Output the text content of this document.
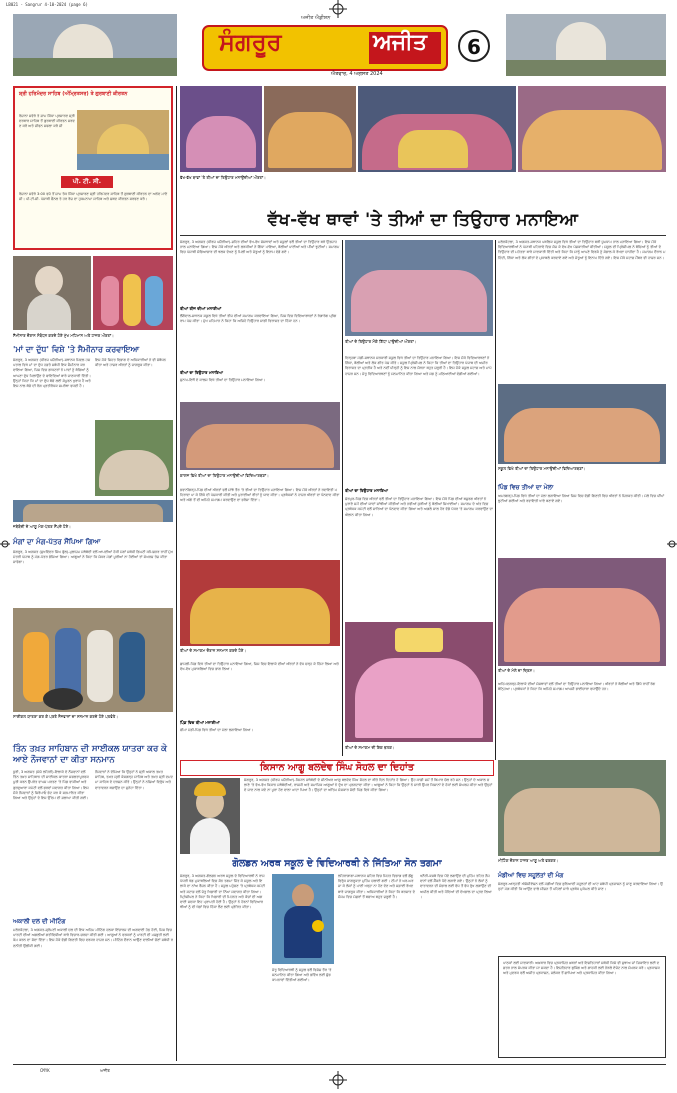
LB021 - Sangrur 4-10-2024 (page 6)
ਅਜੀਤ ਐਡੀਸ਼ਨ
ਸੰਗਰੂਰ	ਅਜੀਤ
ਐਤਵਾਰ, 4 ਅਗਸਤ 2024
6
ਸ਼੍ਰੀ ਹਰਿਮੰਦਰ ਸਾਹਿਬ (ਅੰਮ੍ਰਿਤਸਰ) ਤੇ ਗੁਰਬਾਣੀ ਕੀਰਤਨ
ਰੋਜ਼ਾਨਾ ਸਵੇਰੇ ਤੇ ਸ਼ਾਮ ਸਿੱਧਾ ਪ੍ਰਸਾਰਣ ਸ੍ਰੀ ਦਰਬਾਰ ਸਾਹਿਬ ਤੋਂ ਗੁਰਬਾਣੀ ਕੀਰਤਨ ਸਰਵਣ ਕਰੋ ਅਤੇ ਜੀਵਨ ਸਫਲਾ ਕਰੋ ਜੀ
ਪੀ. ਟੀ. ਸੀ.
ਰੋਜ਼ਾਨਾ ਸਵੇਰੇ 3:00 ਵਜੇ ਤੋਂ ਸ਼ਾਮ ਤੱਕ ਸਿੱਧਾ ਪ੍ਰਸਾਰਣ ਸ੍ਰੀ ਹਰਿਮੰਦਰ ਸਾਹਿਬ ਤੋਂ ਗੁਰਬਾਣੀ ਕੀਰਤਨ ਦਾ ਅਨੰਦ ਮਾਣੋ ਜੀ। ਪੀ.ਟੀ.ਸੀ. ਪੰਜਾਬੀ ਚੈਨਲ ਤੇ ਹਰ ਰੋਜ਼ ਦਾ ਹੁਕਮਨਾਮਾ ਸਾਹਿਬ ਅਤੇ ਸ਼ਬਦ ਕੀਰਤਨ ਸਰਵਣ ਕਰੋ।
ਸੈਮੀਨਾਰ ਦੌਰਾਨ ਸੰਬੋਧਨ ਕਰਦੇ ਹੋਏ ਮੁੱਖ ਮਹਿਮਾਨ ਅਤੇ ਹਾਜ਼ਰ ਔਰਤਾਂ।
'ਮਾਂ ਦਾ ਦੁੱਧ' ਵਿਸ਼ੇ 'ਤੇ ਸੈਮੀਨਾਰ ਕਰਵਾਇਆ
ਸੰਗਰੂਰ, 3 ਅਗਸਤ (ਧੀਰਜ ਪਸ਼ੌਰੀਆ)-ਸਥਾਨਕ ਸਿਵਲ ਹਸਪਤਾਲ ਵਿਖੇ ਮਾਂ ਦਾ ਦੁੱਧ ਹਫ਼ਤੇ ਸਬੰਧੀ ਇਕ ਸੈਮੀਨਾਰ ਕਰਵਾਇਆ ਗਿਆ, ਜਿਸ ਵਿਚ ਡਾਕਟਰਾਂ ਨੇ ਮਾਵਾਂ ਨੂੰ ਬੱਚਿਆਂ ਨੂੰ ਆਪਣਾ ਦੁੱਧ ਪਿਲਾਉਣ ਦੇ ਫਾਇਦਿਆਂ ਬਾਰੇ ਜਾਣਕਾਰੀ ਦਿੱਤੀ। ਉਨ੍ਹਾਂ ਕਿਹਾ ਕਿ ਮਾਂ ਦਾ ਦੁੱਧ ਬੱਚੇ ਲਈ ਸੰਪੂਰਨ ਖੁਰਾਕ ਹੈ ਅਤੇ ਇਸ ਨਾਲ ਬੱਚੇ ਦੀ ਰੋਗ ਪ੍ਰਤੀਰੋਧਕ ਸਮਰੱਥਾ ਵਧਦੀ ਹੈ।
ਇਸ ਮੌਕੇ ਸਿਹਤ ਵਿਭਾਗ ਦੇ ਅਧਿਕਾਰੀਆਂ ਨੇ ਵੀ ਸੰਬੋਧਨ ਕੀਤਾ ਅਤੇ ਹਾਜ਼ਰ ਔਰਤਾਂ ਨੂੰ ਜਾਗਰੂਕ ਕੀਤਾ।
ਜਥੇਬੰਦੀ ਦੇ ਆਗੂ ਮੰਗ-ਪੱਤਰ ਸੌਂਪਦੇ ਹੋਏ।
ਮੰਗਾਂ ਦਾ ਮੰਗ-ਪੱਤਰ ਸੌਂਪਿਆ ਗਿਆ
ਸੰਗਰੂਰ, 3 ਅਗਸਤ (ਸੁਖਵਿੰਦਰ ਸਿੰਘ ਫੁੱਲ)-ਮੁਲਾਜ਼ਮ ਜਥੇਬੰਦੀ ਵਲੋਂ ਆਪਣੀਆਂ ਹੱਕੀ ਮੰਗਾਂ ਸਬੰਧੀ ਡਿਪਟੀ ਕਮਿਸ਼ਨਰ ਰਾਹੀਂ ਮੁੱਖ ਮੰਤਰੀ ਪੰਜਾਬ ਨੂੰ ਮੰਗ-ਪੱਤਰ ਭੇਜਿਆ ਗਿਆ। ਆਗੂਆਂ ਨੇ ਕਿਹਾ ਕਿ ਜੇਕਰ ਮੰਗਾਂ ਪੂਰੀਆਂ ਨਾ ਹੋਈਆਂ ਤਾਂ ਸੰਘਰਸ਼ ਤੇਜ਼ ਕੀਤਾ ਜਾਵੇਗਾ।
ਸਾਈਕਲ ਯਾਤਰਾ ਕਰ ਕੇ ਪਰਤੇ ਨੌਜਵਾਨਾਂ ਦਾ ਸਨਮਾਨ ਕਰਦੇ ਹੋਏ ਪਤਵੰਤੇ।
ਤਿੰਨ ਤਖ਼ਤ ਸਾਹਿਬਾਨ ਦੀ ਸਾਈਕਲ ਯਾਤਰਾ ਕਰ ਕੇ ਆਏ ਨੌਜਵਾਨਾਂ ਦਾ ਕੀਤਾ ਸਨਮਾਨ
ਧੂਰੀ, 3 ਅਗਸਤ (ਸੰਜੇ ਲਹਿਰੀ)-ਇਲਾਕੇ ਦੇ ਨੌਜਵਾਨਾਂ ਵਲੋਂ ਤਿੰਨ ਤਖ਼ਤ ਸਾਹਿਬਾਨ ਦੀ ਸਾਈਕਲ ਯਾਤਰਾ ਸਫਲਤਾਪੂਰਵਕ ਪੂਰੀ ਕਰਨ ਉਪਰੰਤ ਵਾਪਸ ਪਰਤਣ 'ਤੇ ਪਿੰਡ ਵਾਸੀਆਂ ਅਤੇ ਗੁਰਦੁਆਰਾ ਕਮੇਟੀ ਵਲੋਂ ਭਰਵਾਂ ਸਵਾਗਤ ਕੀਤਾ ਗਿਆ। ਇਸ ਮੌਕੇ ਨੌਜਵਾਨਾਂ ਨੂੰ ਸਿਰੋਪਾਓ ਭੇਟ ਕਰ ਕੇ ਸਨਮਾਨਿਤ ਕੀਤਾ ਗਿਆ ਅਤੇ ਉਨ੍ਹਾਂ ਦੇ ਇਸ ਉੱਦਮ ਦੀ ਸ਼ਲਾਘਾ ਕੀਤੀ ਗਈ।
ਨੌਜਵਾਨਾਂ ਨੇ ਦੱਸਿਆ ਕਿ ਉਨ੍ਹਾਂ ਨੇ ਸ੍ਰੀ ਅਕਾਲ ਤਖ਼ਤ ਸਾਹਿਬ, ਤਖ਼ਤ ਸ੍ਰੀ ਕੇਸਗੜ੍ਹ ਸਾਹਿਬ ਅਤੇ ਤਖ਼ਤ ਸ੍ਰੀ ਦਮਦਮਾ ਸਾਹਿਬ ਦੇ ਦਰਸ਼ਨ ਕੀਤੇ। ਉਨ੍ਹਾਂ ਨੇ ਨਸ਼ਿਆਂ ਵਿਰੁੱਧ ਅਤੇ ਵਾਤਾਵਰਨ ਬਚਾਉਣ ਦਾ ਸੁਨੇਹਾ ਦਿੱਤਾ।
ਅਕਾਲੀ ਦਲ ਦੀ ਮੀਟਿੰਗ
ਮਲੇਰਕੋਟਲਾ, 3 ਅਗਸਤ-ਸ਼੍ਰੋਮਣੀ ਅਕਾਲੀ ਦਲ ਦੀ ਇਕ ਅਹਿਮ ਮੀਟਿੰਗ ਹਲਕਾ ਇੰਚਾਰਜ ਦੀ ਅਗਵਾਈ ਹੇਠ ਹੋਈ, ਜਿਸ ਵਿਚ ਪਾਰਟੀ ਦੀਆਂ ਅਗਲੀਆਂ ਗਤੀਵਿਧੀਆਂ ਬਾਰੇ ਵਿਚਾਰ-ਚਰਚਾ ਕੀਤੀ ਗਈ। ਆਗੂਆਂ ਨੇ ਵਰਕਰਾਂ ਨੂੰ ਪਾਰਟੀ ਦੀ ਮਜ਼ਬੂਤੀ ਲਈ ਕੰਮ ਕਰਨ ਦਾ ਸੱਦਾ ਦਿੱਤਾ। ਇਸ ਮੌਕੇ ਵੱਡੀ ਗਿਣਤੀ ਵਿਚ ਵਰਕਰ ਹਾਜ਼ਰ ਸਨ। ਮੀਟਿੰਗ ਦੌਰਾਨ ਆਉਣ ਵਾਲੀਆਂ ਚੋਣਾਂ ਸਬੰਧੀ ਰਣਨੀਤੀ ਉਲੀਕੀ ਗਈ।
ਵੱਖ-ਵੱਖ ਥਾਵਾਂ 'ਤੇ ਤੀਆਂ ਦਾ ਤਿਉਹਾਰ ਮਨਾਉਂਦੀਆਂ ਔਰਤਾਂ।
ਵੱਖ-ਵੱਖ ਥਾਵਾਂ 'ਤੇ ਤੀਆਂ ਦਾ ਤਿਉਹਾਰ ਮਨਾਇਆ
ਸੰਗਰੂਰ, 3 ਅਗਸਤ (ਧੀਰਜ ਪਸ਼ੌਰੀਆ)-ਸ਼ਹਿਰ ਦੀਆਂ ਵੱਖ-ਵੱਖ ਸੰਸਥਾਵਾਂ ਅਤੇ ਸਕੂਲਾਂ ਵਲੋਂ ਤੀਆਂ ਦਾ ਤਿਉਹਾਰ ਬੜੇ ਉਤਸ਼ਾਹ ਨਾਲ ਮਨਾਇਆ ਗਿਆ। ਇਸ ਮੌਕੇ ਔਰਤਾਂ ਅਤੇ ਲੜਕੀਆਂ ਨੇ ਗਿੱਧਾ ਪਾਇਆ, ਬੋਲੀਆਂ ਪਾਈਆਂ ਅਤੇ ਪੀਂਘਾਂ ਝੂਟੀਆਂ। ਸਮਾਗਮ ਵਿਚ ਪੰਜਾਬੀ ਸੱਭਿਆਚਾਰ ਦੀ ਝਲਕ ਦੇਖਣ ਨੂੰ ਮਿਲੀ ਅਤੇ ਜੇਤੂਆਂ ਨੂੰ ਇਨਾਮ ਵੰਡੇ ਗਏ।
ਤੀਆਂ ਤੀਜ ਦੀਆਂ ਮਨਾਈਆਂ
ਲੌਂਗੋਵਾਲ-ਸਥਾਨਕ ਸਕੂਲ ਵਿਖੇ ਤੀਆਂ ਤੀਜ ਦੀਆਂ ਸਮਾਗਮ ਕਰਵਾਇਆ ਗਿਆ, ਜਿਸ ਵਿਚ ਵਿਦਿਆਰਥਣਾਂ ਨੇ ਰੰਗਾਰੰਗ ਪ੍ਰੋਗਰਾਮ ਪੇਸ਼ ਕੀਤਾ। ਮੁੱਖ ਮਹਿਮਾਨ ਨੇ ਕਿਹਾ ਕਿ ਅਜਿਹੇ ਤਿਉਹਾਰ ਸਾਡੀ ਵਿਰਾਸਤ ਦਾ ਹਿੱਸਾ ਹਨ।
ਤੀਆਂ ਦਾ ਤਿਉਹਾਰ ਮਨਾਇਆ
ਸੁਨਾਮ-ਇਥੋਂ ਦੇ ਕਾਲਜ ਵਿਖੇ ਤੀਆਂ ਦਾ ਤਿਉਹਾਰ ਮਨਾਇਆ ਗਿਆ।
ਕਾਲਜ ਵਿਖੇ ਤੀਆਂ ਦਾ ਤਿਉਹਾਰ ਮਨਾਉਂਦੀਆਂ ਵਿਦਿਆਰਥਣਾਂ।
ਭਵਾਨੀਗੜ੍ਹ-ਪਿੰਡ ਦੀਆਂ ਔਰਤਾਂ ਵਲੋਂ ਸਾਂਝੇ ਤੌਰ 'ਤੇ ਤੀਆਂ ਦਾ ਤਿਉਹਾਰ ਮਨਾਇਆ ਗਿਆ। ਇਸ ਮੌਕੇ ਔਰਤਾਂ ਨੇ ਰਵਾਇਤੀ ਪਹਿਰਾਵਾ ਪਾ ਕੇ ਗਿੱਧੇ ਦੀ ਪੇਸ਼ਕਾਰੀ ਕੀਤੀ ਅਤੇ ਪੁਰਾਣੀਆਂ ਰੀਤਾਂ ਨੂੰ ਯਾਦ ਕੀਤਾ। ਪ੍ਰਬੰਧਕਾਂ ਨੇ ਹਾਜ਼ਰ ਔਰਤਾਂ ਦਾ ਧੰਨਵਾਦ ਕੀਤਾ ਅਤੇ ਅੱਗੇ ਤੋਂ ਵੀ ਅਜਿਹੇ ਸਮਾਗਮ ਕਰਵਾਉਣ ਦਾ ਭਰੋਸਾ ਦਿੱਤਾ।
ਤੀਆਂ ਦੇ ਸਮਾਗਮ ਦੌਰਾਨ ਸਨਮਾਨ ਕਰਦੇ ਹੋਏ।
ਛਾਜਲੀ-ਪਿੰਡ ਵਿਖੇ ਤੀਆਂ ਦਾ ਤਿਉਹਾਰ ਮਨਾਇਆ ਗਿਆ, ਜਿਸ ਵਿਚ ਇਲਾਕੇ ਦੀਆਂ ਔਰਤਾਂ ਨੇ ਵੱਧ ਚੜ੍ਹ ਕੇ ਹਿੱਸਾ ਲਿਆ ਅਤੇ ਵੱਖ-ਵੱਖ ਮੁਕਾਬਲਿਆਂ ਵਿਚ ਭਾਗ ਲਿਆ।
ਪਿੰਡ ਵਿਚ ਤੀਆਂ ਮਨਾਈਆਂ
ਚੀਮਾ ਮੰਡੀ-ਪਿੰਡ ਵਿਖੇ ਤੀਆਂ ਦਾ ਮੇਲਾ ਲਗਾਇਆ ਗਿਆ।
ਤੀਆਂ ਦੇ ਤਿਉਹਾਰ ਮੌਕੇ ਗਿੱਧਾ ਪਾਉਂਦੀਆਂ ਔਰਤਾਂ।
ਦਿੜ੍ਹਬਾ ਮੰਡੀ-ਸਥਾਨਕ ਸਰਕਾਰੀ ਸਕੂਲ ਵਿਖੇ ਤੀਆਂ ਦਾ ਤਿਉਹਾਰ ਮਨਾਇਆ ਗਿਆ। ਇਸ ਮੌਕੇ ਵਿਦਿਆਰਥਣਾਂ ਨੇ ਗਿੱਧਾ, ਬੋਲੀਆਂ ਅਤੇ ਲੋਕ ਗੀਤ ਪੇਸ਼ ਕੀਤੇ। ਸਕੂਲ ਪ੍ਰਿੰਸੀਪਲ ਨੇ ਕਿਹਾ ਕਿ ਤੀਆਂ ਦਾ ਤਿਉਹਾਰ ਪੰਜਾਬ ਦੀ ਅਮੀਰ ਵਿਰਾਸਤ ਦਾ ਪ੍ਰਤੀਕ ਹੈ ਅਤੇ ਨਵੀਂ ਪੀੜ੍ਹੀ ਨੂੰ ਇਸ ਨਾਲ ਜੋੜਨਾ ਬਹੁਤ ਜ਼ਰੂਰੀ ਹੈ। ਇਸ ਮੌਕੇ ਸਕੂਲ ਸਟਾਫ਼ ਅਤੇ ਮਾਪੇ ਹਾਜ਼ਰ ਸਨ। ਜੇਤੂ ਵਿਦਿਆਰਥਣਾਂ ਨੂੰ ਸਨਮਾਨਿਤ ਕੀਤਾ ਗਿਆ ਅਤੇ ਸਭ ਨੂੰ ਮਠਿਆਈਆਂ ਵੰਡੀਆਂ ਗਈਆਂ।
ਤੀਆਂ ਦਾ ਤਿਉਹਾਰ ਮਨਾਇਆ
ਸ਼ੇਰਪੁਰ-ਪਿੰਡ ਵਿਚ ਔਰਤਾਂ ਵਲੋਂ ਤੀਆਂ ਦਾ ਤਿਉਹਾਰ ਮਨਾਇਆ ਗਿਆ। ਇਸ ਮੌਕੇ ਪਿੰਡ ਦੀਆਂ ਬਜ਼ੁਰਗ ਔਰਤਾਂ ਨੇ ਪੁਰਾਣੇ ਸਮੇਂ ਦੀਆਂ ਯਾਦਾਂ ਸਾਂਝੀਆਂ ਕੀਤੀਆਂ ਅਤੇ ਨਵੀਆਂ ਕੁੜੀਆਂ ਨੂੰ ਬੋਲੀਆਂ ਸਿਖਾਈਆਂ। ਸਮਾਗਮ ਦੇ ਅੰਤ ਵਿਚ ਪ੍ਰਬੰਧਕ ਕਮੇਟੀ ਵਲੋਂ ਸਾਰਿਆਂ ਦਾ ਧੰਨਵਾਦ ਕੀਤਾ ਗਿਆ ਅਤੇ ਅਗਲੇ ਸਾਲ ਹੋਰ ਵੱਡੇ ਪੱਧਰ 'ਤੇ ਸਮਾਗਮ ਕਰਵਾਉਣ ਦਾ ਐਲਾਨ ਕੀਤਾ ਗਿਆ।
ਤੀਆਂ ਦੇ ਸਮਾਗਮ ਦੀ ਇਕ ਝਲਕ।
ਮਲੇਰਕੋਟਲਾ, 3 ਅਗਸਤ-ਸਥਾਨਕ ਪਬਲਿਕ ਸਕੂਲ ਵਿਖੇ ਤੀਆਂ ਦਾ ਤਿਉਹਾਰ ਬੜੀ ਧੂਮਧਾਮ ਨਾਲ ਮਨਾਇਆ ਗਿਆ। ਇਸ ਮੌਕੇ ਵਿਦਿਆਰਥੀਆਂ ਨੇ ਪੰਜਾਬੀ ਪਹਿਰਾਵੇ ਵਿਚ ਸੱਜ ਕੇ ਵੱਖ-ਵੱਖ ਪੇਸ਼ਕਾਰੀਆਂ ਕੀਤੀਆਂ। ਸਕੂਲ ਦੀ ਪ੍ਰਿੰਸੀਪਲ ਨੇ ਬੱਚਿਆਂ ਨੂੰ ਤੀਆਂ ਦੇ ਤਿਉਹਾਰ ਦੀ ਮਹੱਤਤਾ ਬਾਰੇ ਜਾਣਕਾਰੀ ਦਿੱਤੀ ਅਤੇ ਕਿਹਾ ਕਿ ਸਾਨੂੰ ਆਪਣੇ ਵਿਰਸੇ ਨੂੰ ਸੰਭਾਲ ਕੇ ਰੱਖਣਾ ਚਾਹੀਦਾ ਹੈ। ਸਮਾਗਮ ਦੌਰਾਨ ਮਹਿੰਦੀ, ਗਿੱਧਾ ਅਤੇ ਲੋਕ ਗੀਤਾਂ ਦੇ ਮੁਕਾਬਲੇ ਕਰਵਾਏ ਗਏ ਅਤੇ ਜੇਤੂਆਂ ਨੂੰ ਇਨਾਮ ਦਿੱਤੇ ਗਏ। ਇਸ ਮੌਕੇ ਸਟਾਫ਼ ਮੈਂਬਰ ਵੀ ਹਾਜ਼ਰ ਸਨ।
ਸਕੂਲ ਵਿਖੇ ਤੀਆਂ ਦਾ ਤਿਉਹਾਰ ਮਨਾਉਂਦੀਆਂ ਵਿਦਿਆਰਥਣਾਂ।
ਪਿੰਡ ਵਿਚ ਤੀਆਂ ਦਾ ਮੇਲਾ
ਅਮਰਗੜ੍ਹ-ਪਿੰਡ ਵਿਖੇ ਤੀਆਂ ਦਾ ਮੇਲਾ ਲਗਾਇਆ ਗਿਆ ਜਿਸ ਵਿਚ ਵੱਡੀ ਗਿਣਤੀ ਵਿਚ ਔਰਤਾਂ ਨੇ ਸ਼ਿਰਕਤ ਕੀਤੀ। ਮੇਲੇ ਵਿਚ ਪੀਂਘਾਂ ਝੂਟੀਆਂ ਗਈਆਂ ਅਤੇ ਰਵਾਇਤੀ ਖਾਣੇ ਬਣਾਏ ਗਏ।
ਤੀਆਂ ਦੇ ਮੇਲੇ ਦਾ ਦ੍ਰਿਸ਼।
ਅਹਿਮਦਗੜ੍ਹ-ਇਲਾਕੇ ਦੀਆਂ ਸੰਸਥਾਵਾਂ ਵਲੋਂ ਤੀਆਂ ਦਾ ਤਿਉਹਾਰ ਮਨਾਇਆ ਗਿਆ। ਔਰਤਾਂ ਨੇ ਬੋਲੀਆਂ ਅਤੇ ਗਿੱਧੇ ਰਾਹੀਂ ਰੰਗ ਬੰਨ੍ਹਿਆ। ਪ੍ਰਬੰਧਕਾਂ ਨੇ ਕਿਹਾ ਕਿ ਅਜਿਹੇ ਸਮਾਗਮ ਆਪਸੀ ਭਾਈਚਾਰਾ ਵਧਾਉਂਦੇ ਹਨ।
ਕਿਸਾਨ ਆਗੂ ਬਲਦੇਵ ਸਿੰਘ ਸੋਹਲ ਦਾ ਦਿਹਾਂਤ
ਸੰਗਰੂਰ, 3 ਅਗਸਤ (ਧੀਰਜ ਪਸ਼ੌਰੀਆ)-ਕਿਸਾਨ ਜਥੇਬੰਦੀ ਦੇ ਸੀਨੀਅਰ ਆਗੂ ਬਲਦੇਵ ਸਿੰਘ ਸੋਹਲ ਦਾ ਬੀਤੇ ਦਿਨ ਦਿਹਾਂਤ ਹੋ ਗਿਆ। ਉਹ ਕਾਫ਼ੀ ਸਮੇਂ ਤੋਂ ਬਿਮਾਰ ਚੱਲ ਰਹੇ ਸਨ। ਉਨ੍ਹਾਂ ਦੇ ਅਕਾਲ ਚਲਾਣੇ 'ਤੇ ਵੱਖ-ਵੱਖ ਕਿਸਾਨ ਜਥੇਬੰਦੀਆਂ, ਰਾਜਸੀ ਅਤੇ ਸਮਾਜਿਕ ਆਗੂਆਂ ਨੇ ਦੁੱਖ ਦਾ ਪ੍ਰਗਟਾਵਾ ਕੀਤਾ। ਆਗੂਆਂ ਨੇ ਕਿਹਾ ਕਿ ਉਨ੍ਹਾਂ ਨੇ ਸਾਰੀ ਉਮਰ ਕਿਸਾਨਾਂ ਦੇ ਹੱਕਾਂ ਲਈ ਸੰਘਰਸ਼ ਕੀਤਾ ਅਤੇ ਉਨ੍ਹਾਂ ਦੇ ਜਾਣ ਨਾਲ ਕਦੇ ਨਾ ਪੂਰਾ ਹੋਣ ਵਾਲਾ ਘਾਟਾ ਪਿਆ ਹੈ। ਉਨ੍ਹਾਂ ਦਾ ਅੰਤਿਮ ਸੰਸਕਾਰ ਜੱਦੀ ਪਿੰਡ ਵਿਖੇ ਕੀਤਾ ਗਿਆ।
ਗੋਲਡਨ ਅਰਥ ਸਕੂਲ ਦੇ ਵਿਦਿਆਰਥੀ ਨੇ ਜਿੱਤਿਆ ਸੋਨ ਤਗਮਾ
ਸੰਗਰੂਰ, 3 ਅਗਸਤ-ਗੋਲਡਨ ਅਰਥ ਸਕੂਲ ਦੇ ਵਿਦਿਆਰਥੀ ਨੇ ਰਾਜ ਪੱਧਰੀ ਖੇਡ ਮੁਕਾਬਲਿਆਂ ਵਿਚ ਸੋਨ ਤਗਮਾ ਜਿੱਤ ਕੇ ਸਕੂਲ ਅਤੇ ਇਲਾਕੇ ਦਾ ਨਾਂਅ ਰੌਸ਼ਨ ਕੀਤਾ ਹੈ। ਸਕੂਲ ਪਹੁੰਚਣ 'ਤੇ ਪ੍ਰਬੰਧਕ ਕਮੇਟੀ ਅਤੇ ਸਟਾਫ਼ ਵਲੋਂ ਜੇਤੂ ਖਿਡਾਰੀ ਦਾ ਨਿੱਘਾ ਸਵਾਗਤ ਕੀਤਾ ਗਿਆ। ਪ੍ਰਿੰਸੀਪਲ ਨੇ ਕਿਹਾ ਕਿ ਖਿਡਾਰੀ ਦੀ ਮਿਹਨਤ ਅਤੇ ਕੋਚਾਂ ਦੀ ਅਗਵਾਈ ਸਦਕਾ ਇਹ ਪ੍ਰਾਪਤੀ ਹੋਈ ਹੈ। ਉਨ੍ਹਾਂ ਨੇ ਹੋਰਨਾਂ ਵਿਦਿਆਰਥੀਆਂ ਨੂੰ ਵੀ ਖੇਡਾਂ ਵਿਚ ਹਿੱਸਾ ਲੈਣ ਲਈ ਪ੍ਰੇਰਿਤ ਕੀਤਾ।
ਜੇਤੂ ਵਿਦਿਆਰਥੀ ਨੂੰ ਸਕੂਲ ਵਲੋਂ ਵਿਸ਼ੇਸ਼ ਤੌਰ 'ਤੇ ਸਨਮਾਨਿਤ ਕੀਤਾ ਗਿਆ ਅਤੇ ਭਵਿੱਖ ਲਈ ਸ਼ੁੱਭਕਾਮਨਾਵਾਂ ਦਿੱਤੀਆਂ ਗਈਆਂ।
ਲਹਿਰਾਗਾਗਾ-ਸਥਾਨਕ ਸ਼ਹਿਰ ਵਿਚ ਸਿਹਤ ਵਿਭਾਗ ਵਲੋਂ ਡੇਂਗੂ ਵਿਰੁੱਧ ਜਾਗਰੂਕਤਾ ਮੁਹਿੰਮ ਚਲਾਈ ਗਈ। ਟੀਮਾਂ ਨੇ ਘਰ-ਘਰ ਜਾ ਕੇ ਲੋਕਾਂ ਨੂੰ ਪਾਣੀ ਖੜ੍ਹਾ ਨਾ ਹੋਣ ਦੇਣ ਅਤੇ ਸਫ਼ਾਈ ਰੱਖਣ ਬਾਰੇ ਜਾਗਰੂਕ ਕੀਤਾ। ਅਧਿਕਾਰੀਆਂ ਨੇ ਕਿਹਾ ਕਿ ਬਰਸਾਤ ਦੇ ਮੌਸਮ ਵਿਚ ਮੱਛਰਾਂ ਤੋਂ ਬਚਾਅ ਬਹੁਤ ਜ਼ਰੂਰੀ ਹੈ।
ਖਨੌਰੀ-ਕਸਬੇ ਵਿਚ ਪੌਦੇ ਲਗਾਉਣ ਦੀ ਮੁਹਿੰਮ ਤਹਿਤ ਨੌਜਵਾਨਾਂ ਵਲੋਂ ਸੈਂਕੜੇ ਪੌਦੇ ਲਗਾਏ ਗਏ। ਉਨ੍ਹਾਂ ਨੇ ਲੋਕਾਂ ਨੂੰ ਵਾਤਾਵਰਨ ਦੀ ਸੰਭਾਲ ਲਈ ਵੱਧ ਤੋਂ ਵੱਧ ਰੁੱਖ ਲਗਾਉਣ ਦੀ ਅਪੀਲ ਕੀਤੀ ਅਤੇ ਪੌਦਿਆਂ ਦੀ ਦੇਖਭਾਲ ਦਾ ਪ੍ਰਣ ਲਿਆ।
ਮੀਟਿੰਗ ਦੌਰਾਨ ਹਾਜ਼ਰ ਆਗੂ ਅਤੇ ਵਰਕਰ।
ਮੰਡੀਆਂ ਵਿਚ ਸਹੂਲਤਾਂ ਦੀ ਮੰਗ
ਸੰਗਰੂਰ-ਆੜ੍ਹਤੀ ਐਸੋਸੀਏਸ਼ਨ ਵਲੋਂ ਮੰਡੀਆਂ ਵਿਚ ਬੁਨਿਆਦੀ ਸਹੂਲਤਾਂ ਦੀ ਘਾਟ ਸਬੰਧੀ ਪ੍ਰਸ਼ਾਸਨ ਨੂੰ ਜਾਣੂ ਕਰਵਾਇਆ ਗਿਆ। ਉਨ੍ਹਾਂ ਮੰਗ ਕੀਤੀ ਕਿ ਆਉਣ ਵਾਲੇ ਸੀਜ਼ਨ ਤੋਂ ਪਹਿਲਾਂ ਸਾਰੇ ਪ੍ਰਬੰਧ ਮੁਕੰਮਲ ਕੀਤੇ ਜਾਣ।
ਪਾਠਕਾਂ ਲਈ ਜਾਣਕਾਰੀ: ਅਖ਼ਬਾਰ ਵਿਚ ਪ੍ਰਕਾਸ਼ਿਤ ਖ਼ਬਰਾਂ ਅਤੇ ਇਸ਼ਤਿਹਾਰਾਂ ਸਬੰਧੀ ਕਿਸੇ ਵੀ ਸੁਝਾਅ ਜਾਂ ਸ਼ਿਕਾਇਤ ਲਈ ਦਫ਼ਤਰ ਨਾਲ ਸੰਪਰਕ ਕੀਤਾ ਜਾ ਸਕਦਾ ਹੈ। ਇਸ਼ਤਿਹਾਰ ਬੁਕਿੰਗ ਅਤੇ ਗਾਹਕੀ ਲਈ ਨੇੜਲੇ ਏਜੰਟ ਨਾਲ ਸੰਪਰਕ ਕਰੋ। ਪ੍ਰਕਾਸ਼ਕ ਅਤੇ ਮੁਦਰਕ ਵਲੋਂ ਅਜੀਤ ਪ੍ਰਕਾਸ਼ਨ, ਜਲੰਧਰ ਤੋਂ ਛਾਪਿਆ ਅਤੇ ਪ੍ਰਕਾਸ਼ਿਤ ਕੀਤਾ ਗਿਆ।
CMYK	ਅਜੀਤ
